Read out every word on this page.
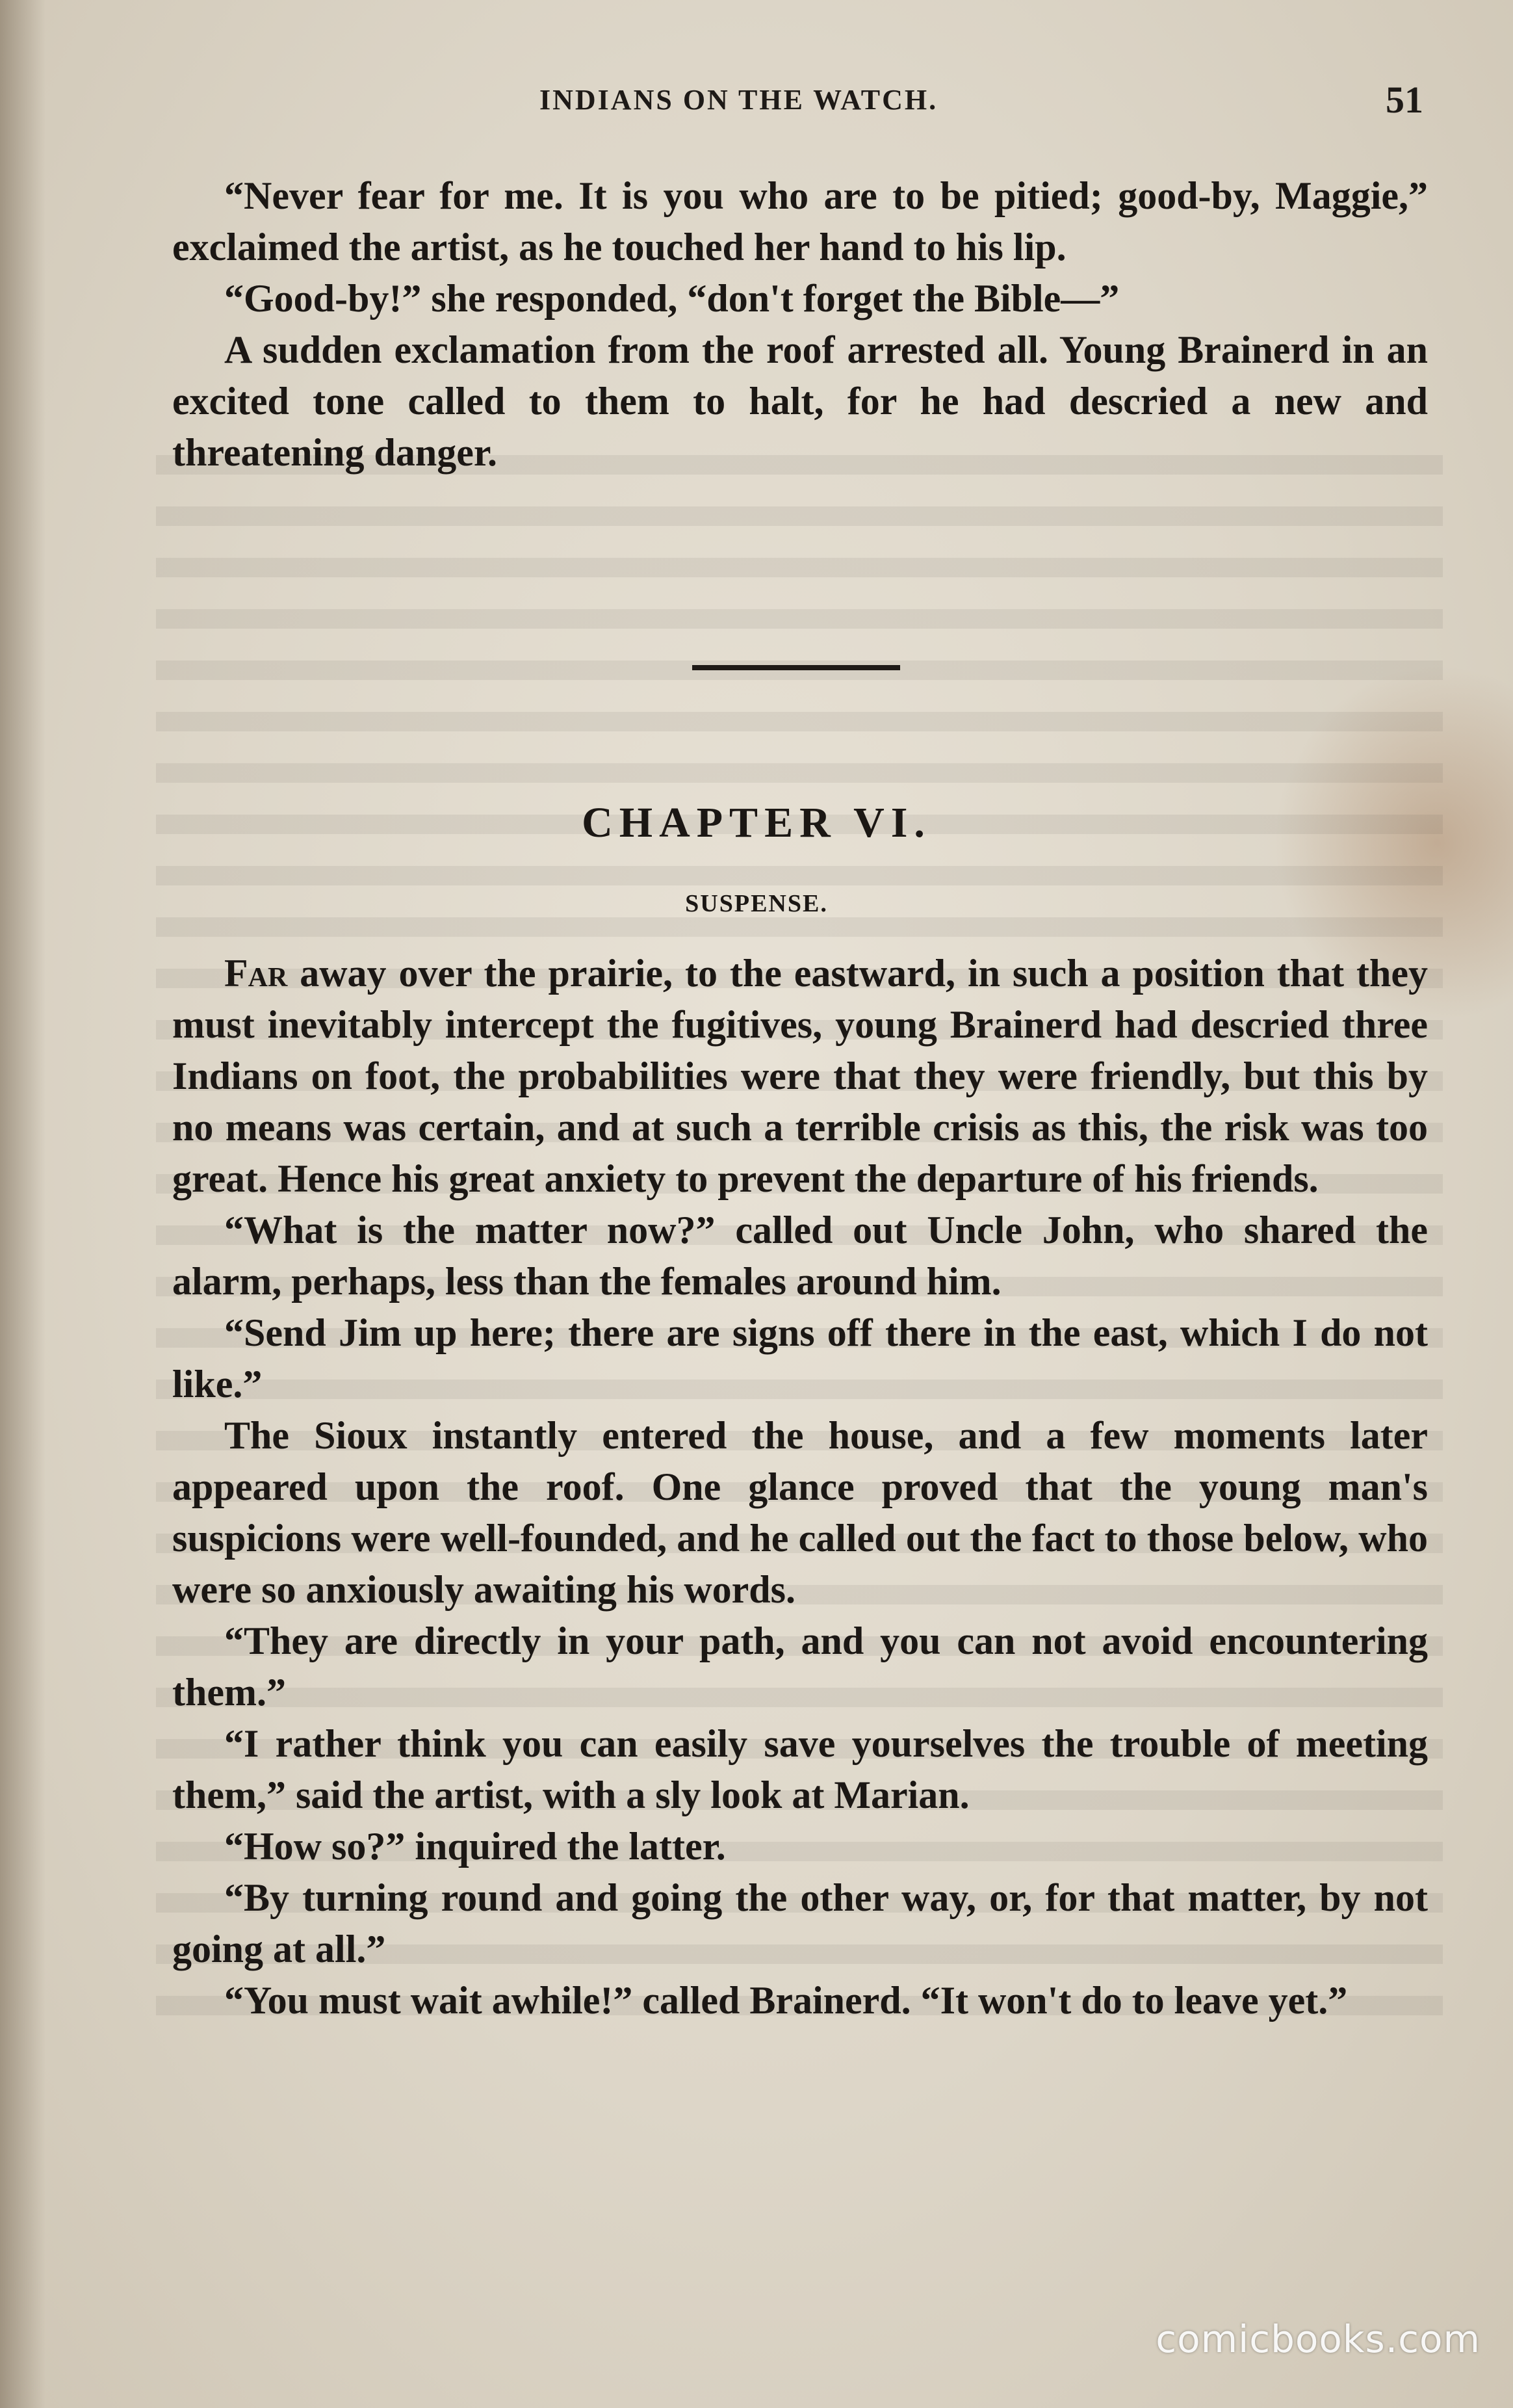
INDIANS ON THE WATCH.	51

“Never fear for me. It is you who are to be pitied; good-by, Maggie,” exclaimed the artist, as he touched her hand to his lip.

“Good-by!” she responded, “don't forget the Bible—”

A sudden exclamation from the roof arrested all. Young Brainerd in an excited tone called to them to halt, for he had descried a new and threatening danger.

CHAPTER VI.
SUSPENSE.

Far away over the prairie, to the eastward, in such a position that they must inevitably intercept the fugitives, young Brainerd had descried three Indians on foot, the probabilities were that they were friendly, but this by no means was certain, and at such a terrible crisis as this, the risk was too great. Hence his great anxiety to prevent the departure of his friends.

“What is the matter now?” called out Uncle John, who shared the alarm, perhaps, less than the females around him.

“Send Jim up here; there are signs off there in the east, which I do not like.”

The Sioux instantly entered the house, and a few moments later appeared upon the roof. One glance proved that the young man's suspicions were well-founded, and he called out the fact to those below, who were so anxiously awaiting his words.

“They are directly in your path, and you can not avoid encountering them.”

“I rather think you can easily save yourselves the trouble of meeting them,” said the artist, with a sly look at Marian.

“How so?” inquired the latter.

“By turning round and going the other way, or, for that matter, by not going at all.”

“You must wait awhile!” called Brainerd. “It won't do to leave yet.”

comicbooks.com
